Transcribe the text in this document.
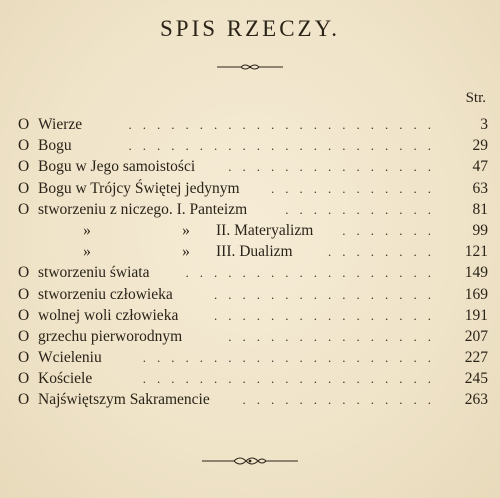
SPIS RZECZY.
Str.
......................
O Wierze	3
......................
O Bogu	29
...............
O Bogu w Jego samoistości	47
............
O Bogu w Trójcy Świętej jedynym	63
...........
O stworzeniu z niczego. I. Panteizm	81
.......
»	»	II. Materyalizm	99
........
»	»	III. Dualizm	121
..................
O stworzeniu świata	149
................
O stworzeniu człowieka	169
................
O wolnej woli człowieka	191
...............
O grzechu pierworodnym	207
.....................
O Wcieleniu	227
.....................
O Kościele	245
..............
O Najświętszym Sakramencie	263
